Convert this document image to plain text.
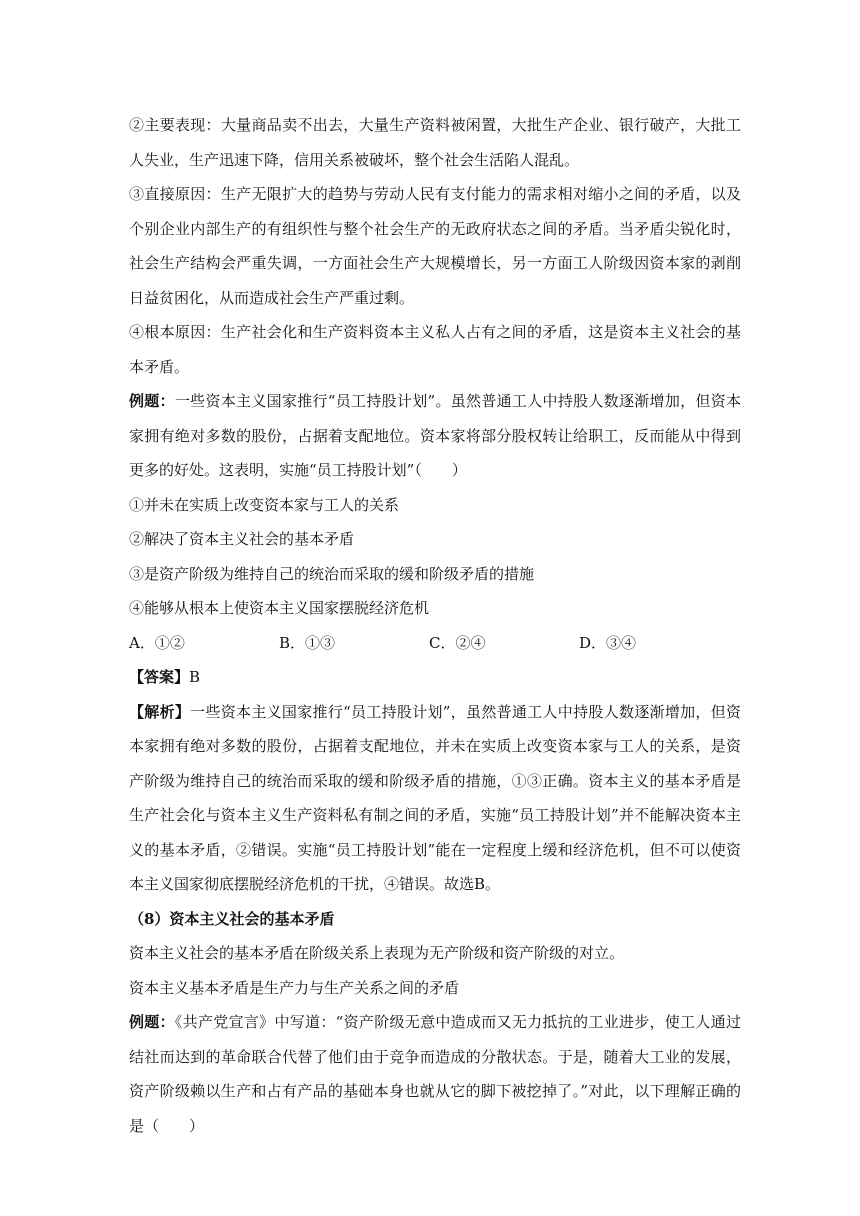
②主要表现：大量商品卖不出去，大量生产资料被闲置，大批生产企业、银行破产，大批工人失业，生产迅速下降，信用关系被破坏，整个社会生活陷人混乱。

③直接原因：生产无限扩大的趋势与劳动人民有支付能力的需求相对缩小之间的矛盾，以及个别企业内部生产的有组织性与整个社会生产的无政府状态之间的矛盾。当矛盾尖锐化时，社会生产结构会严重失调，一方面社会生产大规模增长，另一方面工人阶级因资本家的剥削日益贫困化，从而造成社会生产严重过剩。

④根本原因：生产社会化和生产资料资本主义私人占有之间的矛盾，这是资本主义社会的基本矛盾。

例题：一些资本主义国家推行“员工持股计划”。虽然普通工人中持股人数逐渐增加，但资本家拥有绝对多数的股份，占据着支配地位。资本家将部分股权转让给职工，反而能从中得到更多的好处。这表明，实施“员工持股计划”（　　）

①并未在实质上改变资本家与工人的关系

②解决了资本主义社会的基本矛盾

③是资产阶级为维持自己的统治而采取的缓和阶级矛盾的措施

④能够从根本上使资本主义国家摆脱经济危机

A．①②	B．①③	C．②④	D．③④

【答案】B

【解析】一些资本主义国家推行“员工持股计划”，虽然普通工人中持股人数逐渐增加，但资本家拥有绝对多数的股份，占据着支配地位，并未在实质上改变资本家与工人的关系，是资产阶级为维持自己的统治而采取的缓和阶级矛盾的措施，①③正确。资本主义的基本矛盾是生产社会化与资本主义生产资料私有制之间的矛盾，实施“员工持股计划”并不能解决资本主义的基本矛盾，②错误。实施“员工持股计划”能在一定程度上缓和经济危机，但不可以使资本主义国家彻底摆脱经济危机的干扰，④错误。故选B。

（8）资本主义社会的基本矛盾

资本主义社会的基本矛盾在阶级关系上表现为无产阶级和资产阶级的对立。

资本主义基本矛盾是生产力与生产关系之间的矛盾

例题：《共产党宣言》中写道：“资产阶级无意中造成而又无力抵抗的工业进步，使工人通过结社而达到的革命联合代替了他们由于竞争而造成的分散状态。于是，随着大工业的发展，资产阶级赖以生产和占有产品的基础本身也就从它的脚下被挖掉了。”对此，以下理解正确的是（　　）
